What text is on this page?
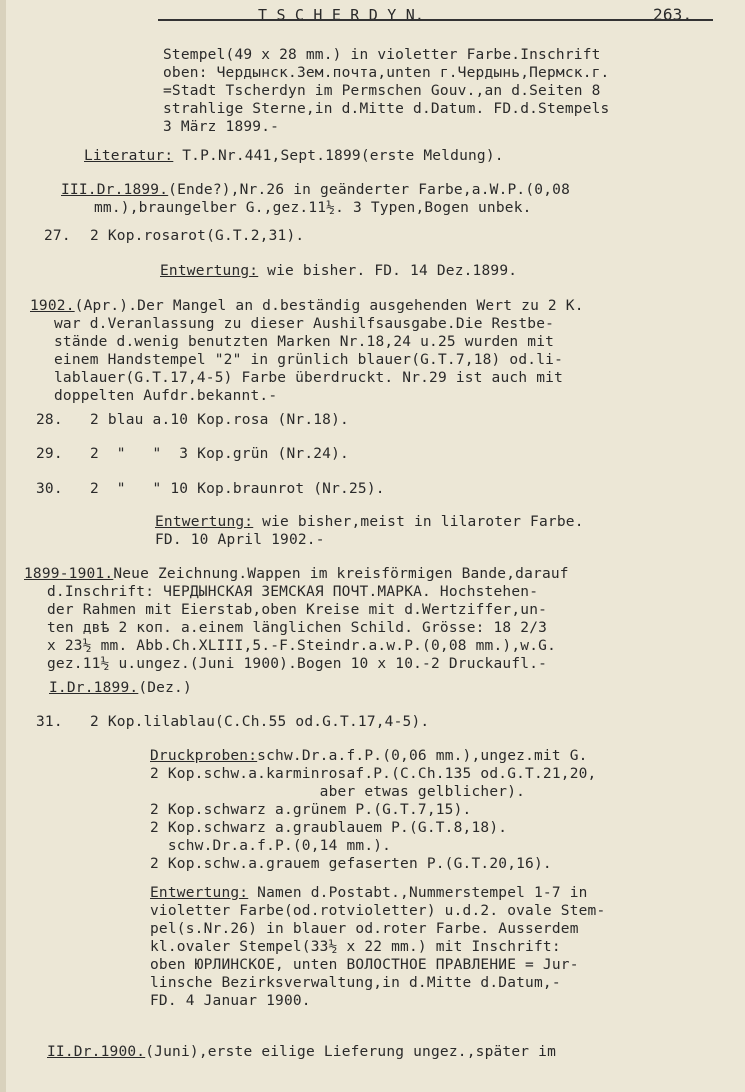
T S C H E R D Y N.	263.
Stempel(49 x 28 mm.) in violetter Farbe.Inschrift
oben: Чердынск.Зем.почта,unten г.Чердынь,Пермск.г.
=Stadt Tscherdyn im Permschen Gouv.,an d.Seiten 8
strahlige Sterne,in d.Mitte d.Datum. FD.d.Stempels
3 März 1899.-
Literatur: T.P.Nr.441,Sept.1899(erste Meldung).
III.Dr.1899.(Ende?),Nr.26 in geänderter Farbe,a.W.P.(0,08
mm.),braungelber G.,gez.11½. 3 Typen,Bogen unbek.
27. 2 Kop.rosarot(G.T.2,31).
Entwertung: wie bisher. FD. 14 Dez.1899.
1902.(Apr.).Der Mangel an d.beständig ausgehenden Wert zu 2 K.
war d.Veranlassung zu dieser Aushilfsausgabe.Die Restbe-
stände d.wenig benutzten Marken Nr.18,24 u.25 wurden mit
einem Handstempel "2" in grünlich blauer(G.T.7,18) od.li-
lablauer(G.T.17,4-5) Farbe überdruckt. Nr.29 ist auch mit
doppelten Aufdr.bekannt.-
28. 2 blau a.10 Kop.rosa (Nr.18).
29. 2  "   "  3 Kop.grün (Nr.24).
30. 2  "   " 10 Kop.braunrot (Nr.25).
Entwertung: wie bisher,meist in lilaroter Farbe.
FD. 10 April 1902.-
1899-1901.Neue Zeichnung.Wappen im kreisförmigen Bande,darauf
d.Inschrift: ЧЕРДЫНСКАЯ ЗЕМСКАЯ ПОЧТ.МАРКА. Hochstehen-
der Rahmen mit Eierstab,oben Kreise mit d.Wertziffer,un-
ten двѣ 2 коп. a.einem länglichen Schild. Grösse: 18 2/3
x 23½ mm. Abb.Ch.XLIII,5.-F.Steindr.a.w.P.(0,08 mm.),w.G.
gez.11½ u.ungez.(Juni 1900).Bogen 10 x 10.-2 Druckaufl.-
I.Dr.1899.(Dez.)
31. 2 Kop.lilablau(C.Ch.55 od.G.T.17,4-5).
Druckproben:schw.Dr.a.f.P.(0,06 mm.),ungez.mit G.
2 Kop.schw.a.karminrosaf.P.(C.Ch.135 od.G.T.21,20,
aber etwas gelblicher).
2 Kop.schwarz a.grünem P.(G.T.7,15).
2 Kop.schwarz a.graublauem P.(G.T.8,18).
schw.Dr.a.f.P.(0,14 mm.).
2 Kop.schw.a.grauem gefaserten P.(G.T.20,16).
Entwertung: Namen d.Postabt.,Nummerstempel 1-7 in
violetter Farbe(od.rotvioletter) u.d.2. ovale Stem-
pel(s.Nr.26) in blauer od.roter Farbe. Ausserdem
kl.ovaler Stempel(33½ x 22 mm.) mit Inschrift:
oben ЮРЛИНСКОЕ, unten ВОЛОСТНОЕ ПРАВЛЕНИЕ = Jur-
linsche Bezirksverwaltung,in d.Mitte d.Datum,-
FD. 4 Januar 1900.
II.Dr.1900.(Juni),erste eilige Lieferung ungez.,später im
